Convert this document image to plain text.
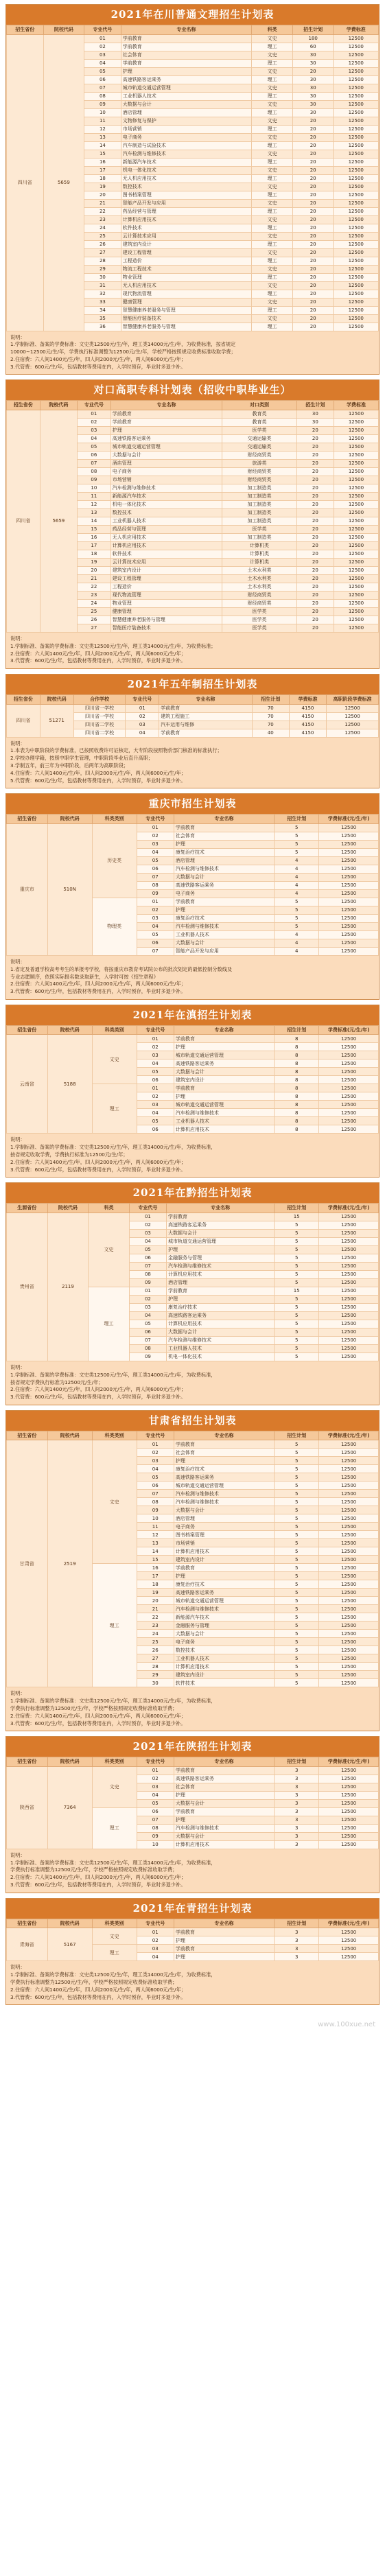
2021年在川普通文理招生计划表
招生省份	院校代码	专业代号	专业名称	科类	招生计划	学费标准
四川省	5659	01	学前教育	文史	180	12500
		02	学前教育	理工	60	12500
		03	社会体育	文史	30	12500
		04	学前教育	理工	30	12500
		05	护理	文史	20	12500
		06	高速铁路客运乘务	理工	30	12500
		07	城市轨道交通运营管理	文史	30	12500
		08	工业机器人技术	理工	30	12500
		09	大数据与会计	文史	30	12500
		10	酒店管理	理工	30	12500
		11	文物修复与保护	文史	20	12500
		12	市场营销	理工	20	12500
		13	电子商务	文史	20	12500
		14	汽车制造与试验技术	理工	20	12500
		15	汽车检测与维修技术	文史	20	12500
		16	新能源汽车技术	理工	20	12500
		17	机电一体化技术	文史	20	12500
		18	无人机应用技术	理工	20	12500
		19	数控技术	文史	20	12500
		20	图书档案管理	理工	20	12500
		21	智能产品开发与应用	文史	20	12500
		22	药品经营与管理	理工	20	12500
		23	计算机应用技术	文史	20	12500
		24	软件技术	理工	20	12500
		25	云计算技术应用	文史	20	12500
		26	建筑室内设计	理工	20	12500
		27	建设工程管理	文史	20	12500
		28	工程造价	理工	20	12500
		29	物流工程技术	文史	20	12500
		30	物业管理	理工	20	12500
		31	无人机应用技术	文史	20	12500
		32	现代物流管理	理工	20	12500
		33	健康管理	文史	20	12500
		34	智慧健康养老服务与管理	理工	20	12500
		35	智能医疗装备技术	文史	20	12500
		36	智慧健康养老服务与管理	理工	20	12500

说明：

1.学制标准、备案的学费标准：文史类12500元/生/年，理工类14000元/生/年，为收费标准，按省规定

10000~12500元/生/年，学费执行标准调整为12500元/生/年，学校严格按照规定收费标准收取学费；

2.住宿费：六人间1400元/生/年，四人间2000元/生/年，两人间6000元/生/年；

3.代管费：600元/生/年，包括教材等费用在内，入学时预存，毕业时多退少补。

对口高职专科计划表（招收中职毕业生）
招生省份	院校代码	专业代号	专业名称	对口类别	招生计划	学费标准
四川省	5659	01	学前教育	教育类	30	12500
		02	学前教育	教育类	30	12500
		03	护理	医学类	20	12500
		04	高速铁路客运乘务	交通运输类	20	12500
		05	城市轨道交通运营管理	交通运输类	20	12500
		06	大数据与会计	财经商贸类	20	12500
		07	酒店管理	旅游类	20	12500
		08	电子商务	财经商贸类	20	12500
		09	市场营销	财经商贸类	20	12500
		10	汽车检测与维修技术	加工制造类	20	12500
		11	新能源汽车技术	加工制造类	20	12500
		12	机电一体化技术	加工制造类	20	12500
		13	数控技术	加工制造类	20	12500
		14	工业机器人技术	加工制造类	20	12500
		15	药品经营与管理	医学类	20	12500
		16	无人机应用技术	加工制造类	20	12500
		17	计算机应用技术	计算机类	20	12500
		18	软件技术	计算机类	20	12500
		19	云计算技术应用	计算机类	20	12500
		20	建筑室内设计	土木水利类	20	12500
		21	建设工程管理	土木水利类	20	12500
		22	工程造价	土木水利类	20	12500
		23	现代物流管理	财经商贸类	20	12500
		24	物业管理	财经商贸类	20	12500
		25	健康管理	医学类	20	12500
		26	智慧健康养老服务与管理	医学类	20	12500
		27	智能医疗装备技术	医学类	20	12500

说明：

1.学制标准、备案的学费标准：文史类12500元/生/年，理工类14000元/生/年，为收费标准；

2.住宿费：六人间1400元/生/年，四人间2000元/生/年，两人间6000元/生/年；

3.代管费：600元/生/年，包括教材等费用在内，入学时预存，毕业时多退少补。

2021年五年制招生计划表
招生省份	院校代码	合作学校	专业代号	专业名称	招生计划	学费标准	高职阶段学费标准
四川省	51271	四川省一学校	01	学前教育	70	4150	12500
		四川省一学校	02	建筑工程施工	70	4150	12500
		四川省二学校	03	汽车运用与维修	70	4150	12500
		四川省二学校	04	学前教育	40	4150	12500

说明：

1.本表为中职阶段的学费标准，已按照收费许可证核定，大专阶段按照物价部门核准的标准执行；

2.学校办理学籍，按照中职学生管理，中职阶段毕业后直升高职；

3.学制五年，前三年为中职阶段，后两年为高职阶段；

4.住宿费：六人间1400元/生/年，四人间2000元/生/年，两人间6000元/生/年；

5.代管费：600元/生/年，包括教材等费用在内，入学时预存，毕业时多退少补。

重庆市招生计划表
招生省份	院校代码	科类类别	专业代号	专业名称	招生计划	学费标准(元/生/年)
重庆市	510N	历史类	01	学前教育	5	12500
			02	社会体育	5	12500
			03	护理	5	12500
			04	康复治疗技术	5	12500
			05	酒店管理	4	12500
			06	汽车检测与维修技术	4	12500
			07	大数据与会计	4	12500
			08	高速铁路客运乘务	4	12500
			09	电子商务	4	12500
		物理类	01	学前教育	5	12500
			02	护理	5	12500
			03	康复治疗技术	5	12500
			04	汽车检测与维修技术	5	12500
			05	工业机器人技术	4	12500
			06	大数据与会计	4	12500
			07	智能产品开发与应用	4	12500

说明：

1.省定及普通学校高考考生的单报考学校，将按重庆市教育考试院公布的批次划定的最低控制分数线及

专业志愿顺序，依照实际报名数录取新生，入学时可按《招生章程》

2.住宿费：六人间1400元/生/年，四人间2000元/生/年，两人间6000元/生/年；

3.代管费：600元/生/年，包括教材等费用在内，入学时预存，毕业时多退少补。

2021年在滇招生计划表
招生省份	院校代码	科类类别	专业代号	专业名称	招生计划	学费标准(元/生/年)
云南省	5188	文史	01	学前教育	8	12500
			02	护理	8	12500
			03	城市轨道交通运营管理	8	12500
			04	高速铁路客运乘务	8	12500
			05	大数据与会计	8	12500
			06	建筑室内设计	8	12500
		理工	01	学前教育	8	12500
			02	护理	8	12500
			03	城市轨道交通运营管理	8	12500
			04	汽车检测与维修技术	8	12500
			05	工业机器人技术	8	12500
			06	计算机应用技术	8	12500

说明：

1.学制标准、备案的学费标准：文史类12500元/生/年，理工类14000元/生/年，为收费标准，

按省规定收取学费，学费执行标准为12500元/生/年；

2.住宿费：六人间1400元/生/年，四人间2000元/生/年，两人间6000元/生/年；

3.代管费：600元/生/年，包括教材等费用在内，入学时预存，毕业时多退少补。

2021年在黔招生计划表
生源省份	院校代码	科类	专业代号	专业名称	招生计划	学费标准(元/生/年)
贵州省	2119	文史	01	学前教育	15	12500
			02	高速铁路客运乘务	5	12500
			03	大数据与会计	5	12500
			04	城市轨道交通运营管理	5	12500
			05	护理	5	12500
			06	金融服务与管理	5	12500
			07	汽车检测与维修技术	5	12500
			08	计算机应用技术	5	12500
			09	酒店管理	5	12500
		理工	01	学前教育	15	12500
			02	护理	5	12500
			03	康复治疗技术	5	12500
			04	高速铁路客运乘务	5	12500
			05	计算机应用技术	5	12500
			06	大数据与会计	5	12500
			07	汽车检测与维修技术	5	12500
			08	工业机器人技术	5	12500
			09	机电一体化技术	5	12500

说明：

1.学制标准、备案的学费标准：文史类12500元/生/年，理工类14000元/生/年，为收费标准，

按省规定学费执行标准为12500元/生/年；

2.住宿费：六人间1400元/生/年，四人间2000元/生/年，两人间6000元/生/年；

3.代管费：600元/生/年，包括教材等费用在内，入学时预存，毕业时多退少补。

甘肃省招生计划表
招生省份	院校代码	科类类别	专业代号	专业名称	招生计划	学费标准(元/生/年)
甘肃省	2519	文史	01	学前教育	5	12500
			02	社会体育	5	12500
			03	护理	5	12500
			04	康复治疗技术	5	12500
			05	高速铁路客运乘务	5	12500
			06	城市轨道交通运营管理	5	12500
			07	汽车检测与维修技术	5	12500
			08	汽车检测与维修技术	5	12500
			09	大数据与会计	5	12500
			10	酒店管理	5	12500
			11	电子商务	5	12500
			12	图书档案管理	5	12500
			13	市场营销	5	12500
			14	计算机应用技术	5	12500
			15	建筑室内设计	5	12500
		理工	16	学前教育	5	12500
			17	护理	5	12500
			18	康复治疗技术	5	12500
			19	高速铁路客运乘务	5	12500
			20	城市轨道交通运营管理	5	12500
			21	汽车检测与维修技术	5	12500
			22	新能源汽车技术	5	12500
			23	金融服务与管理	5	12500
			24	大数据与会计	5	12500
			25	电子商务	5	12500
			26	数控技术	5	12500
			27	工业机器人技术	5	12500
			28	计算机应用技术	5	12500
			29	建筑室内设计	5	12500
			30	软件技术	5	12500

说明：

1.学制标准、备案的学费标准：文史类12500元/生/年，理工类14000元/生/年，为收费标准，

学费执行标准调整为12500元/生/年，学校严格按照规定收费标准收取学费；

2.住宿费：六人间1400元/生/年，四人间2000元/生/年，两人间6000元/生/年；

3.代管费：600元/生/年，包括教材等费用在内，入学时预存，毕业时多退少补。

2021年在陕招生计划表
招生省份	院校代码	科类类别	专业代号	专业名称	招生计划	学费标准(元/生/年)
陕西省	7364	文史	01	学前教育	3	12500
			02	高速铁路客运乘务	3	12500
			03	社会体育	3	12500
			04	护理	3	12500
			05	大数据与会计	3	12500
		理工	06	学前教育	3	12500
			07	护理	3	12500
			08	汽车检测与维修技术	3	12500
			09	大数据与会计	3	12500
			10	计算机应用技术	3	12500

说明：

1.学制标准、备案的学费标准：文史类12500元/生/年，理工类14000元/生/年，为收费标准，

学费执行标准调整为12500元/生/年，学校严格按照规定收费标准收取学费；

2.住宿费：六人间1400元/生/年，四人间2000元/生/年，两人间6000元/生/年；

3.代管费：600元/生/年，包括教材等费用在内，入学时预存，毕业时多退少补。

2021年在青招生计划表
招生省份	院校代码	科类类别	专业代号	专业名称	招生计划	学费标准(元/生/年)
青海省	5167	文史	01	学前教育	3	12500
			02	护理	3	12500
		理工	03	学前教育	3	12500
			04	护理	3	12500

说明：

1.学制标准、备案的学费标准：文史类12500元/生/年，理工类14000元/生/年，为收费标准，

学费执行标准调整为12500元/生/年，学校严格按照规定收费标准收取学费；

2.住宿费：六人间1400元/生/年，四人间2000元/生/年，两人间6000元/生/年；

3.代管费：600元/生/年，包括教材等费用在内，入学时预存，毕业时多退少补。

www.100xue.net
